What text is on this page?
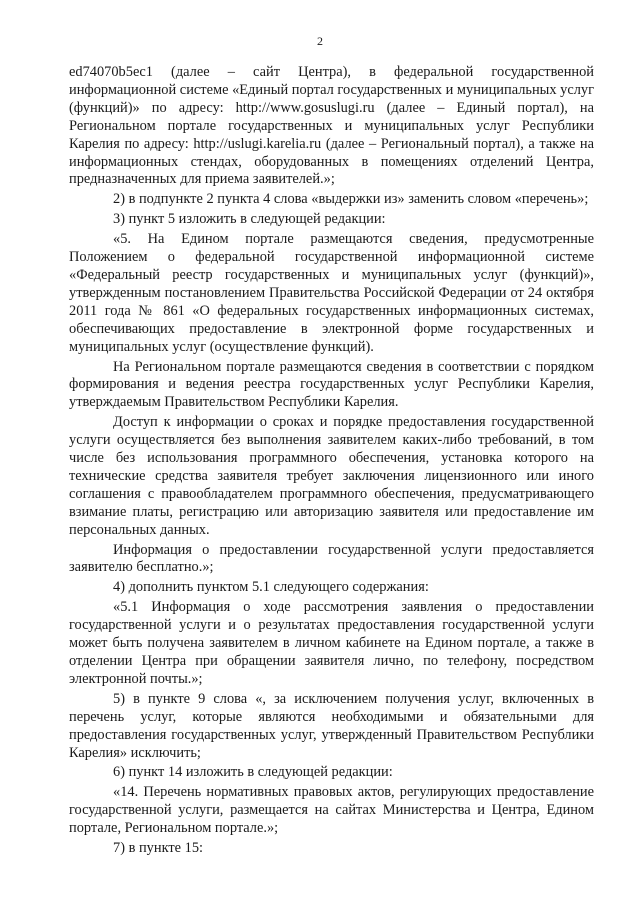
2

ed74070b5ec1 (далее – сайт Центра), в федеральной государственной информационной системе «Единый портал государственных и муниципальных услуг (функций)» по адресу: http://www.gosuslugi.ru (далее – Единый портал), на Региональном портале государственных и муниципальных услуг Республики Карелия по адресу: http://uslugi.karelia.ru (далее – Региональный портал), а также на информационных стендах, оборудованных в помещениях отделений Центра, предназначенных для приема заявителей.»;

2) в подпункте 2 пункта 4 слова «выдержки из» заменить словом «перечень»;

3) пункт 5 изложить в следующей редакции:

«5. На Едином портале размещаются сведения, предусмотренные Положением о федеральной государственной информационной системе «Федеральный реестр государственных и муниципальных услуг (функций)», утвержденным постановлением Правительства Российской Федерации от 24 октября 2011 года № 861 «О федеральных государственных информационных системах, обеспечивающих предоставление в электронной форме государственных и муниципальных услуг (осуществление функций).

На Региональном портале размещаются сведения в соответствии с порядком формирования и ведения реестра государственных услуг Республики Карелия, утверждаемым Правительством Республики Карелия.

Доступ к информации о сроках и порядке предоставления государственной услуги осуществляется без выполнения заявителем каких-либо требований, в том числе без использования программного обеспечения, установка которого на технические средства заявителя требует заключения лицензионного или иного соглашения с правообладателем программного обеспечения, предусматривающего взимание платы, регистрацию или авторизацию заявителя или предоставление им персональных данных.

Информация о предоставлении государственной услуги предоставляется заявителю бесплатно.»;

4) дополнить пунктом 5.1 следующего содержания:

«5.1 Информация о ходе рассмотрения заявления о предоставлении государственной услуги и о результатах предоставления государственной услуги может быть получена заявителем в личном кабинете на Едином портале, а также в отделении Центра при обращении заявителя лично, по телефону, посредством электронной почты.»;

5) в пункте 9 слова «, за исключением получения услуг, включенных в перечень услуг, которые являются необходимыми и обязательными для предоставления государственных услуг, утвержденный Правительством Республики Карелия» исключить;

6) пункт 14 изложить в следующей редакции:

«14. Перечень нормативных правовых актов, регулирующих предоставление государственной услуги, размещается на сайтах Министерства и Центра, Едином портале, Региональном портале.»;

7) в пункте 15:
